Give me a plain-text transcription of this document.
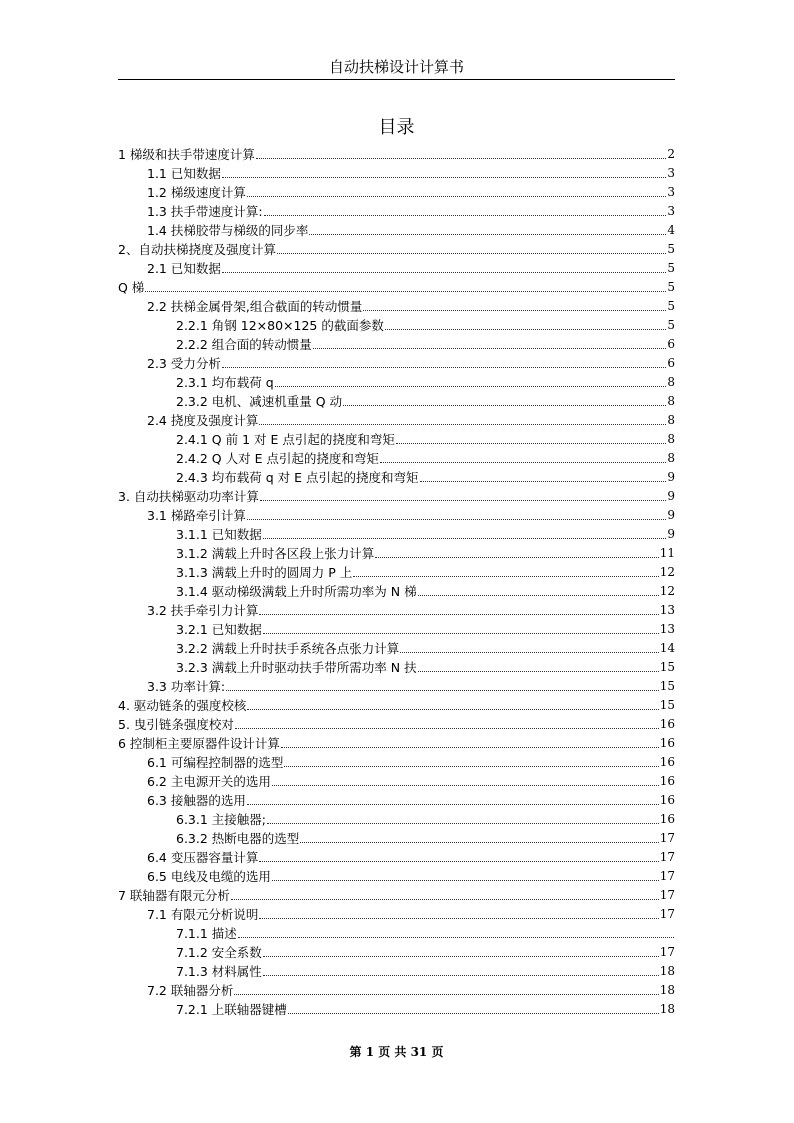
自动扶梯设计计算书
目录
1 梯级和扶手带速度计算	2
1.1 已知数据	3
1.2 梯级速度计算	3
1.3 扶手带速度计算:	3
1.4 扶梯胶带与梯级的同步率	4
2、自动扶梯挠度及强度计算	5
2.1 已知数据	5
Q 梯	5
2.2 扶梯金属骨架,组合截面的转动惯量	5
2.2.1 角钢 12×80×125 的截面参数	5
2.2.2 组合面的转动惯量	6
2.3 受力分析	6
2.3.1 均布载荷 q	8
2.3.2 电机、减速机重量 Q 动	8
2.4 挠度及强度计算	8
2.4.1 Q 前 1 对 E 点引起的挠度和弯矩	8
2.4.2 Q 人对 E 点引起的挠度和弯矩	8
2.4.3 均布载荷 q 对 E 点引起的挠度和弯矩	9
3. 自动扶梯驱动功率计算	9
3.1 梯路牵引计算	9
3.1.1 已知数据	9
3.1.2 满载上升时各区段上张力计算	11
3.1.3 满载上升时的圆周力 P 上	12
3.1.4 驱动梯级满载上升时所需功率为 N 梯	12
3.2 扶手牵引力计算	13
3.2.1 已知数据	13
3.2.2 满载上升时扶手系统各点张力计算	14
3.2.3 满载上升时驱动扶手带所需功率 N 扶	15
3.3 功率计算:	15
4. 驱动链条的强度校核	15
5. 曳引链条强度校对	16
6 控制柜主要原器件设计计算	16
6.1 可编程控制器的选型	16
6.2 主电源开关的选用	16
6.3 接触器的选用	16
6.3.1 主接触器;	16
6.3.2 热断电器的选型	17
6.4 变压器容量计算	17
6.5 电线及电缆的选用	17
7 联轴器有限元分析	17
7.1 有限元分析说明	17
7.1.1 描述
7.1.2 安全系数	17
7.1.3 材料属性	18
7.2 联轴器分析	18
7.2.1 上联轴器键槽	18
第 1 页 共 31 页
